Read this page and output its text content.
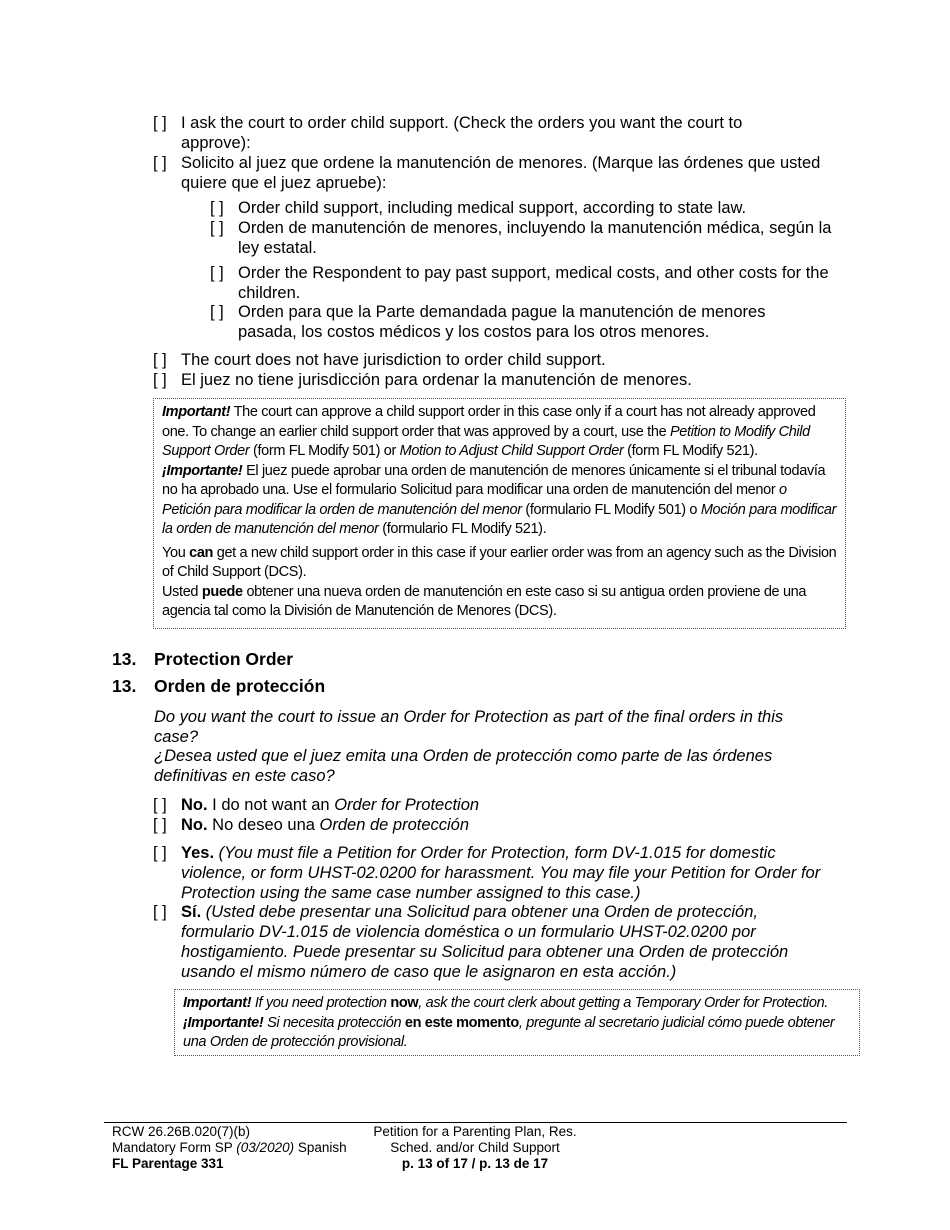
[ ] I ask the court to order child support. (Check the orders you want the court to approve):
[ ] Solicito al juez que ordene la manutención de menores. (Marque las órdenes que usted quiere que el juez apruebe):
[ ] Order child support, including medical support, according to state law.
[ ] Orden de manutención de menores, incluyendo la manutención médica, según la ley estatal.
[ ] Order the Respondent to pay past support, medical costs, and other costs for the children.
[ ] Orden para que la Parte demandada pague la manutención de menores pasada, los costos médicos y los costos para los otros menores.
[ ] The court does not have jurisdiction to order child support.
[ ] El juez no tiene jurisdicción para ordenar la manutención de menores.

Important! The court can approve a child support order in this case only if a court has not already approved one. To change an earlier child support order that was approved by a court, use the Petition to Modify Child Support Order (form FL Modify 501) or Motion to Adjust Child Support Order (form FL Modify 521).
¡Importante! El juez puede aprobar una orden de manutención de menores únicamente si el tribunal todavía no ha aprobado una. Use el formulario Solicitud para modificar una orden de manutención del menor o Petición para modificar la orden de manutención del menor (formulario FL Modify 501) o Moción para modificar la orden de manutención del menor (formulario FL Modify 521).

You can get a new child support order in this case if your earlier order was from an agency such as the Division of Child Support (DCS).
Usted puede obtener una nueva orden de manutención en este caso si su antigua orden proviene de una agencia tal como la División de Manutención de Menores (DCS).

13.	Protection Order
13.	Orden de protección
Do you want the court to issue an Order for Protection as part of the final orders in this case?
¿Desea usted que el juez emita una Orden de protección como parte de las órdenes definitivas en este caso?
[ ] No. I do not want an Order for Protection
[ ] No. No deseo una Orden de protección
[ ] Yes. (You must file a Petition for Order for Protection, form DV-1.015 for domestic violence, or form UHST-02.0200 for harassment. You may file your Petition for Order for Protection using the same case number assigned to this case.)
[ ] Sí. (Usted debe presentar una Solicitud para obtener una Orden de protección, formulario DV-1.015 de violencia doméstica o un formulario UHST-02.0200 por hostigamiento. Puede presentar su Solicitud para obtener una Orden de protección usando el mismo número de caso que le asignaron en esta acción.)

Important! If you need protection now, ask the court clerk about getting a Temporary Order for Protection.
¡Importante! Si necesita protección en este momento, pregunte al secretario judicial cómo puede obtener una Orden de protección provisional.

RCW 26.26B.020(7)(b)
Mandatory Form SP (03/2020) Spanish
FL Parentage 331
Petition for a Parenting Plan, Res.
Sched. and/or Child Support
p. 13 of 17 / p. 13 de 17
